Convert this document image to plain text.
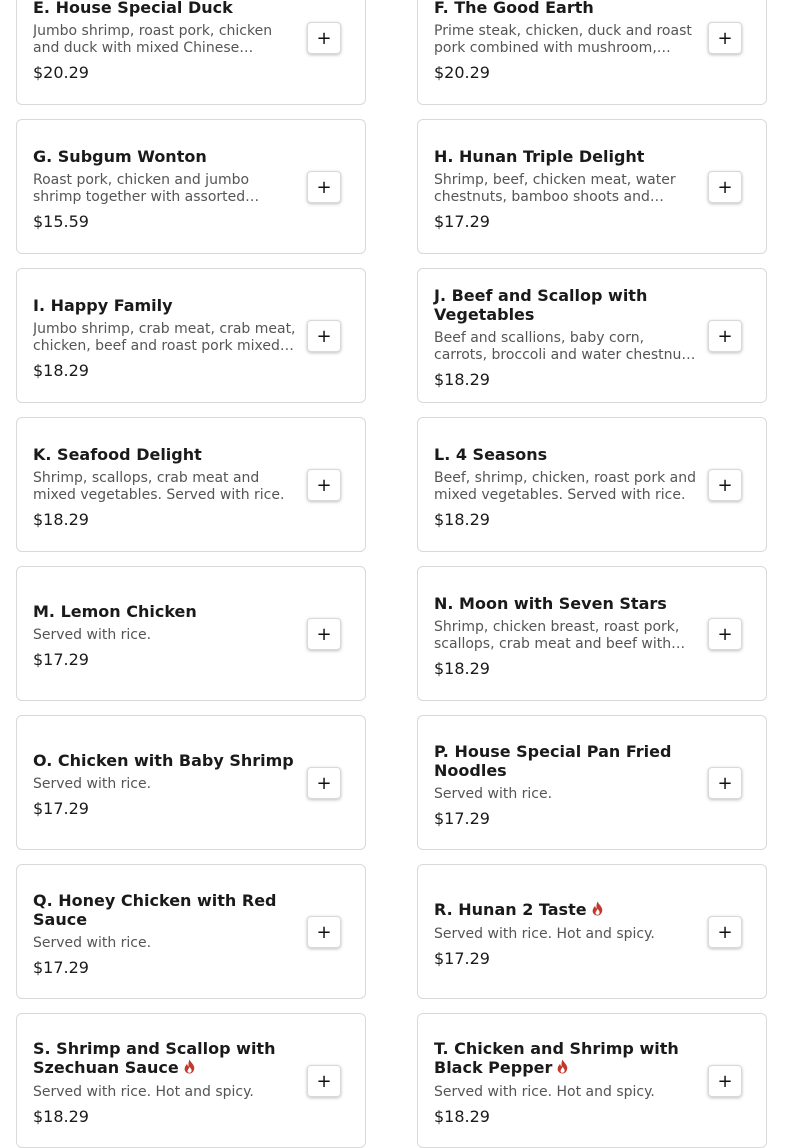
E. House Special Duck
Jumbo shrimp, roast pork, chicken and duck with mixed Chinese
$20.29
+
F. The Good Earth
Prime steak, chicken, duck and roast pork combined with mushroom,
$20.29
+
G. Subgum Wonton
Roast pork, chicken and jumbo shrimp together with assorted
$15.59
+
H. Hunan Triple Delight
Shrimp, beef, chicken meat, water chestnuts, bamboo shoots and
$17.29
+
I. Happy Family
Jumbo shrimp, crab meat, crab meat, chicken, beef and roast pork mixed
$18.29
+
J. Beef and Scallop with Vegetables
Beef and scallions, baby corn, carrots, broccoli and water chestnuts.
$18.29
+
K. Seafood Delight
Shrimp, scallops, crab meat and mixed vegetables. Served with rice.
$18.29
+
L. 4 Seasons
Beef, shrimp, chicken, roast pork and mixed vegetables. Served with rice.
$18.29
+
M. Lemon Chicken
Served with rice.
$17.29
+
N. Moon with Seven Stars
Shrimp, chicken breast, roast pork, scallops, crab meat and beef with
$18.29
+
O. Chicken with Baby Shrimp
Served with rice.
$17.29
+
P. House Special Pan Fried Noodles
Served with rice.
$17.29
+
Q. Honey Chicken with Red Sauce
Served with rice.
$17.29
+
R. Hunan 2 Taste
Served with rice. Hot and spicy.
$17.29
+
S. Shrimp and Scallop with Szechuan Sauce
Served with rice. Hot and spicy.
$18.29
+
T. Chicken and Shrimp with Black Pepper
Served with rice. Hot and spicy.
$18.29
+
